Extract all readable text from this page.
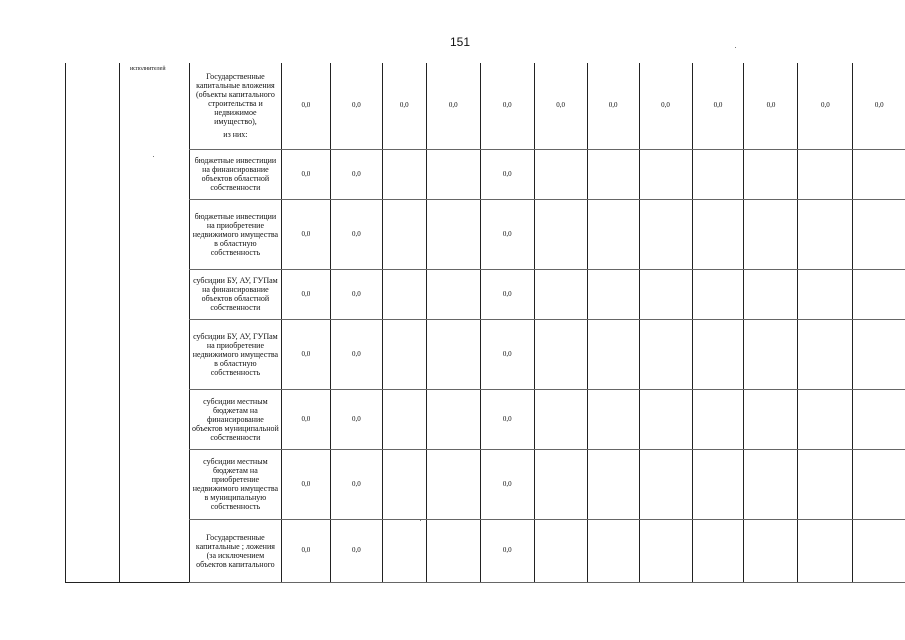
151

	исполнителей	Государственные капитальные вложения (объекты капитального строительства и недвижимое имущество),
из них:	0,0	0,0	0,0	0,0	0,0	0,0	0,0	0,0	0,0	0,0	0,0	0,0
		бюджетные инвестиции на финансирование объектов областной собственности	0,0	0,0			0,0							
		бюджетные инвестиции на приобретение недвижимого имущества в областную собственность	0,0	0,0			0,0							
		субсидии БУ, АУ, ГУПам на финансирование объектов областной собственности	0,0	0,0			0,0							
		субсидии БУ, АУ, ГУПам на приобретение недвижимого имущества в областную собственность	0,0	0,0			0,0							
		субсидии местным бюджетам на финансирование объектов муниципальной собственности	0,0	0,0			0,0							
		субсидии местным бюджетам на приобретение недвижимого имущества в муниципальную собственность	0,0	0,0			0,0							
		Государственные капитальные ; ложения (за исключением объектов капитального	0,0	0,0			0,0							
